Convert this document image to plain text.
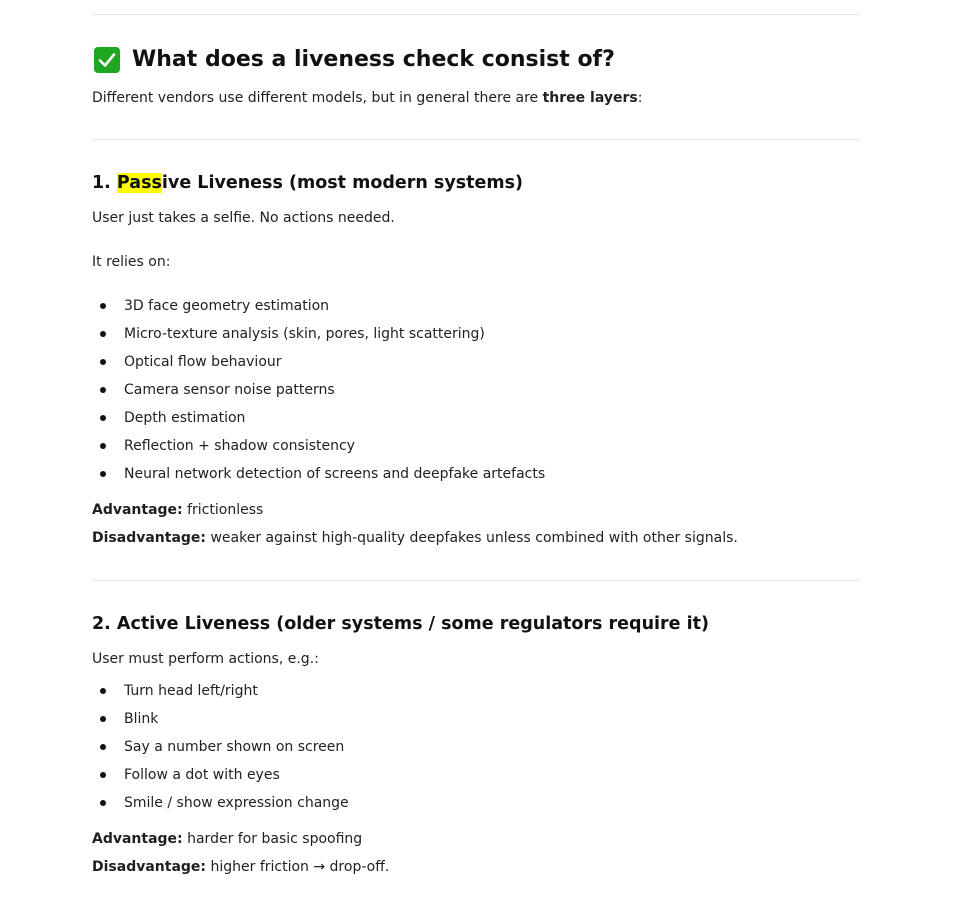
What does a liveness check consist of?
Different vendors use different models, but in general there are three layers:
1. Passive Liveness (most modern systems)
User just takes a selfie. No actions needed.
It relies on:
3D face geometry estimation
Micro-texture analysis (skin, pores, light scattering)
Optical flow behaviour
Camera sensor noise patterns
Depth estimation
Reflection + shadow consistency
Neural network detection of screens and deepfake artefacts
Advantage: frictionless
Disadvantage: weaker against high-quality deepfakes unless combined with other signals.
2. Active Liveness (older systems / some regulators require it)
User must perform actions, e.g.:
Turn head left/right
Blink
Say a number shown on screen
Follow a dot with eyes
Smile / show expression change
Advantage: harder for basic spoofing
Disadvantage: higher friction → drop-off.
